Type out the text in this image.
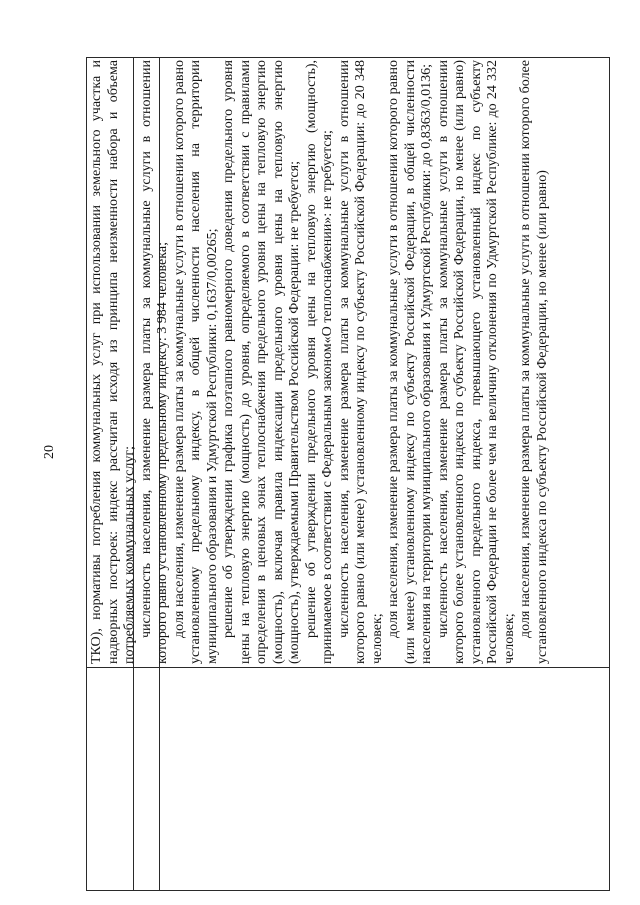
20 ТКО), нормативы потребления коммунальных услуг при использовании земельного участка и надворных построек: индекс рассчитан исходя из принципа неизменности набора и объема потребляемых коммунальных услуг; численность населения, изменение размера платы за коммунальные услуги в отношении которого равно установленному предельному индексу: 3 984 человека; доля населения, изменение размера платы за коммунальные услуги в отношении которого равно установленному предельному индексу, в общей численности населения на территории муниципального образования и Удмуртской Республики: 0,1637/0,00265; решение об утверждении графика поэтапного равномерного доведения предельного уровня цены на тепловую энергию (мощность) до уровня, определяемого в соответствии с правилами определения в ценовых зонах теплоснабжения предельного уровня цены на тепловую энергию (мощность), включая правила индексации предельного уровня цены на тепловую энергию (мощность), утверждаемыми Правительством Российской Федерации: не требуется; решение об утверждении предельного уровня цены на тепловую энергию (мощность), принимаемое в соответствии с Федеральным законом«О теплоснабжении»: не требуется; численность населения, изменение размера платы за коммунальные услуги в отношении которого равно (или менее) установленному индексу по субъекту Российской Федерации: до 20 348 человек;

доля населения, изменение размера платы за коммунальные услуги в отношении которого равно (или менее) установленному индексу по субъекту Российской Федерации, в общей численности населения на территории муниципального образования и Удмуртской Республики: до 0,8363/0,0136; численность населения, изменение размера платы за коммунальные услуги в отношении которого более установленного индекса по субъекту Российской Федерации, но менее (или равно) установленного предельного индекса, превышающего установленный индекс по субъекту Российской Федерации не более чем на величину отклонения по Удмуртской Республике: до 24 332 человек;

доля населения, изменение размера платы за коммунальные услуги в отношении которого более установленного индекса по субъекту Российской Федерации, но менее (или равно)
